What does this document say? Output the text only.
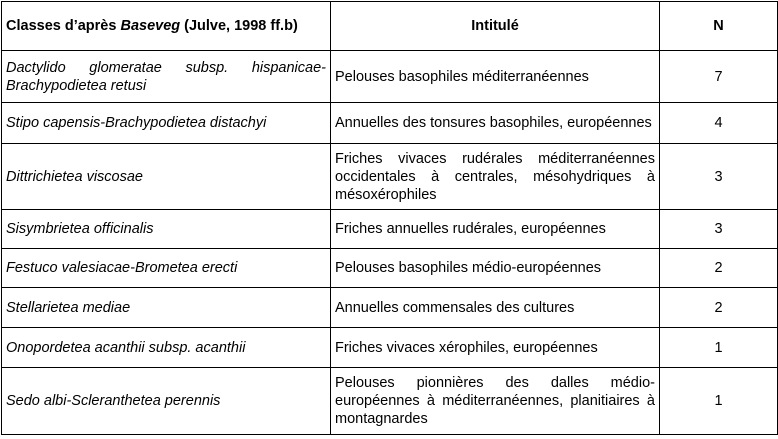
Classes d’après Baseveg (Julve, 1998 ff.b)	Intitulé	N
Dactylido glomeratae subsp. hispanicae-Brachypodietea retusi	Pelouses basophiles méditerranéennes	7
Stipo capensis-Brachypodietea distachyi	Annuelles des tonsures basophiles, européennes	4
Dittrichietea viscosae	Friches vivaces rudérales méditerranéennes occidentales à centrales, mésohydriques à mésoxérophiles	3
Sisymbrietea officinalis	Friches annuelles rudérales, européennes	3
Festuco valesiacae-Brometea erecti	Pelouses basophiles médio-européennes	2
Stellarietea mediae	Annuelles commensales des cultures	2
Onopordetea acanthii subsp. acanthii	Friches vivaces xérophiles, européennes	1
Sedo albi-Scleranthetea perennis	Pelouses pionnières des dalles médio-européennes à méditerranéennes, planitiaires à montagnardes	1
